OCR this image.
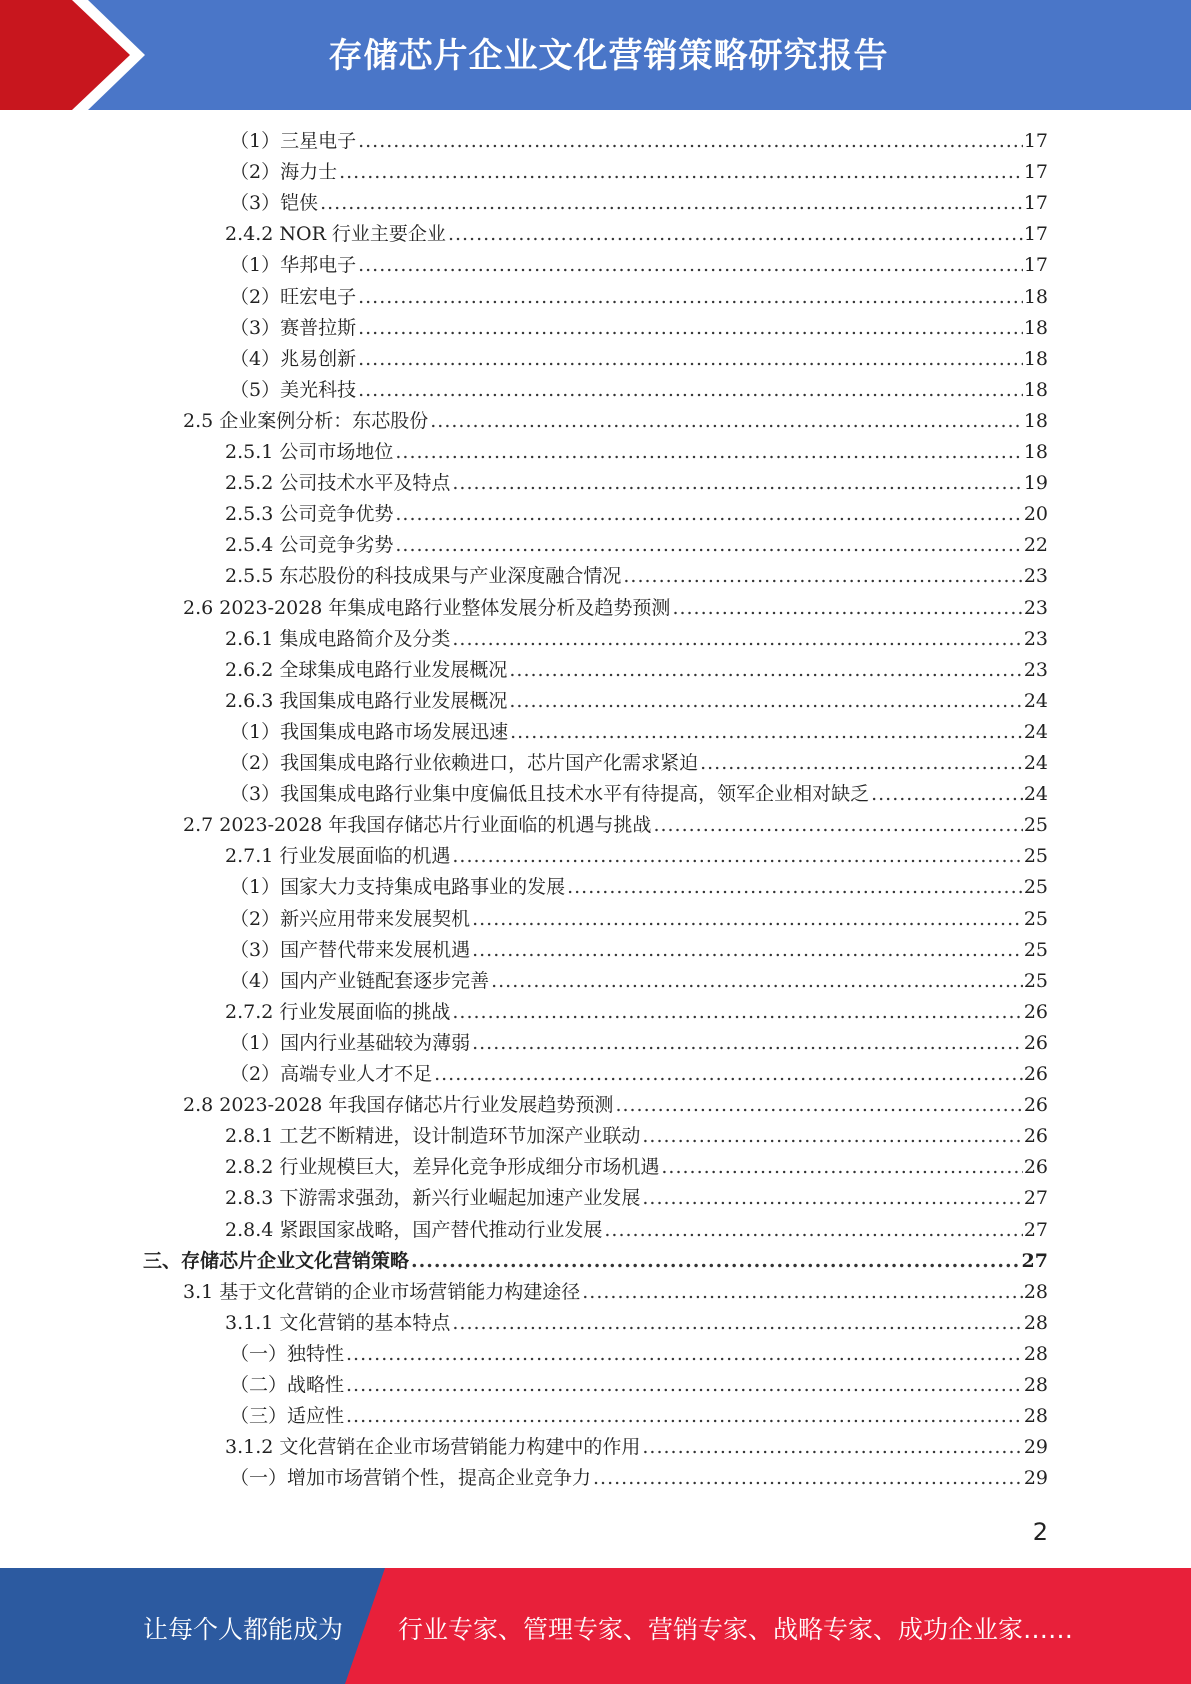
存储芯片企业文化营销策略研究报告
（1）三星电子 .....	17
（2）海力士 .....	17
（3）铠侠 .....	17
2.4.2 NOR 行业主要企业 .....	17
（1）华邦电子 .....	17
（2）旺宏电子 .....	18
（3）赛普拉斯 .....	18
（4）兆易创新 .....	18
（5）美光科技 .....	18
2.5 企业案例分析：东芯股份 .....	18
2.5.1 公司市场地位 .....	18
2.5.2 公司技术水平及特点 .....	19
2.5.3 公司竞争优势 .....	20
2.5.4 公司竞争劣势 .....	22
2.5.5 东芯股份的科技成果与产业深度融合情况 .....	23
2.6 2023-2028 年集成电路行业整体发展分析及趋势预测 .....	23
2.6.1 集成电路简介及分类 .....	23
2.6.2 全球集成电路行业发展概况 .....	23
2.6.3 我国集成电路行业发展概况 .....	24
（1）我国集成电路市场发展迅速 .....	24
（2）我国集成电路行业依赖进口，芯片国产化需求紧迫 .....	24
（3）我国集成电路行业集中度偏低且技术水平有待提高，领军企业相对缺乏 .....	24
2.7 2023-2028 年我国存储芯片行业面临的机遇与挑战 .....	25
2.7.1 行业发展面临的机遇 .....	25
（1）国家大力支持集成电路事业的发展 .....	25
（2）新兴应用带来发展契机 .....	25
（3）国产替代带来发展机遇 .....	25
（4）国内产业链配套逐步完善 .....	25
2.7.2 行业发展面临的挑战 .....	26
（1）国内行业基础较为薄弱 .....	26
（2）高端专业人才不足 .....	26
2.8 2023-2028 年我国存储芯片行业发展趋势预测 .....	26
2.8.1 工艺不断精进，设计制造环节加深产业联动 .....	26
2.8.2 行业规模巨大，差异化竞争形成细分市场机遇 .....	26
2.8.3 下游需求强劲，新兴行业崛起加速产业发展 .....	27
2.8.4 紧跟国家战略，国产替代推动行业发展 .....	27
三、存储芯片企业文化营销策略 .....	27
3.1 基于文化营销的企业市场营销能力构建途径 .....	28
3.1.1 文化营销的基本特点 .....	28
（一）独特性 .....	28
（二）战略性 .....	28
（三）适应性 .....	28
3.1.2 文化营销在企业市场营销能力构建中的作用 .....	29
（一）增加市场营销个性，提高企业竞争力 .....	29
2
让每个人都能成为 行业专家、管理专家、营销专家、战略专家、成功企业家……
